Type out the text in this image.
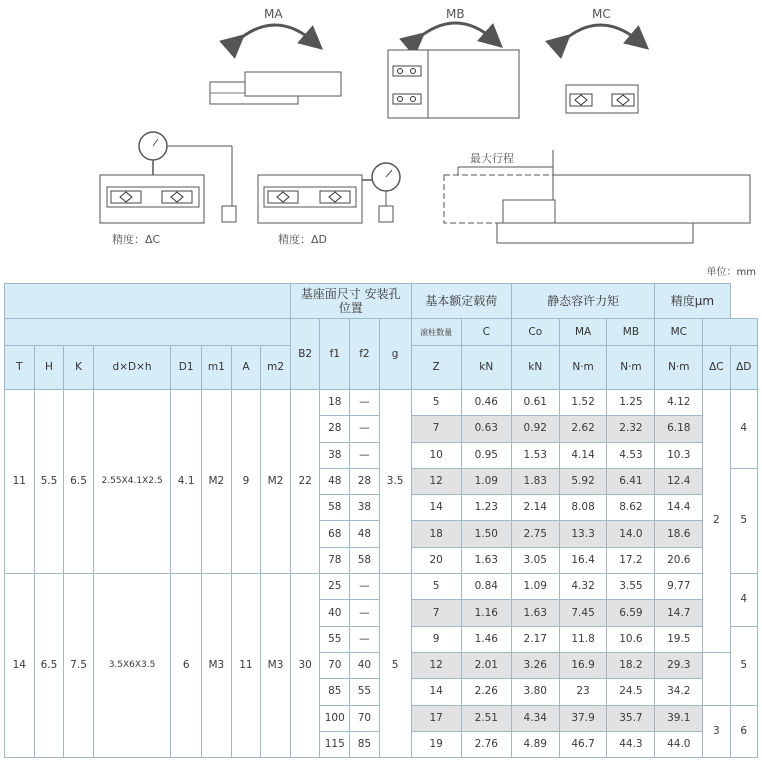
MA	MB	MC
精度：ΔC	精度：ΔD
最大行程
单位：mm
								基座面尺寸 安装孔位置				基本额定载荷		静态容许力矩			精度μm		
								B2	f1	f2	g	滚柱数量	C	Co	MA	MB	MC		
T	H	K	d×D×h	D1	m1	A	m2					Z	kN	kN	N·m	N·m	N·m	ΔC	ΔD
11	5.5	6.5	2.55X4.1X2.5	4.1	M2	9	M2	22	18	—	3.5	5	0.46	0.61	1.52	1.25	4.12	2	4
									28	—		7	0.63	0.92	2.62	2.32	6.18		
									38	—		10	0.95	1.53	4.14	4.53	10.3		
									48	28		12	1.09	1.83	5.92	6.41	12.4		5
									58	38		14	1.23	2.14	8.08	8.62	14.4		
									68	48		18	1.50	2.75	13.3	14.0	18.6		
									78	58		20	1.63	3.05	16.4	17.2	20.6		
14	6.5	7.5	3.5X6X3.5	6	M3	11	M3	30	25	—	5	5	0.84	1.09	4.32	3.55	9.77		4
									40	—		7	1.16	1.63	7.45	6.59	14.7		
									55	—		9	1.46	2.17	11.8	10.6	19.5		5
									70	40		12	2.01	3.26	16.9	18.2	29.3		
									85	55		14	2.26	3.80	23	24.5	34.2		
									100	70		17	2.51	4.34	37.9	35.7	39.1	3	6
									115	85		19	2.76	4.89	46.7	44.3	44.0		
